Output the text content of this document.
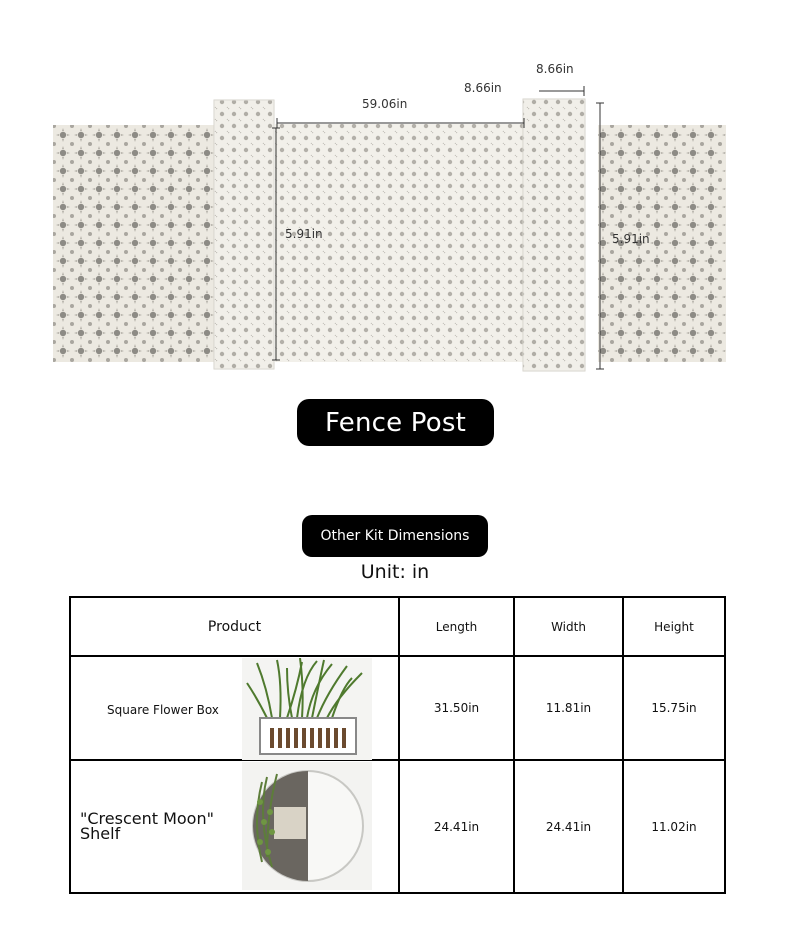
59.06in
8.66in
8.66in
5.91in	5.91in
Fence Post
Other Kit Dimensions
Unit: in
Product	Length	Width	Height

Square Flower Box	31.50in	11.81in	15.75in

"Crescent Moon" Shelf	24.41in	24.41in	11.02in
